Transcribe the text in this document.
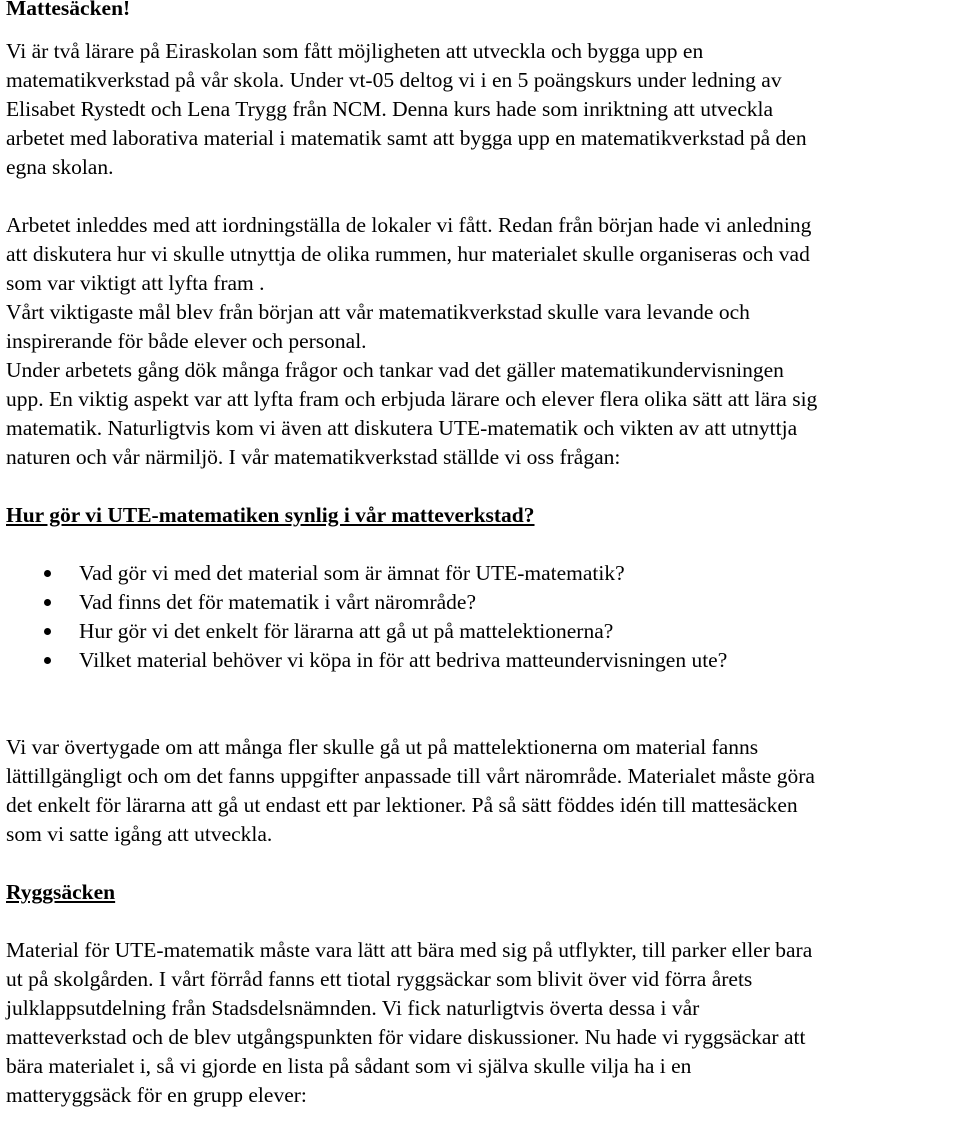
Mattesäcken!
Vi är två lärare på Eiraskolan som fått möjligheten att utveckla och bygga upp en
matematikverkstad på vår skola. Under vt-05 deltog vi i en 5 poängskurs under ledning av
Elisabet Rystedt och Lena Trygg från NCM. Denna kurs hade som inriktning att utveckla
arbetet med laborativa material i matematik samt att bygga upp en matematikverkstad på den
egna skolan.
Arbetet inleddes med att iordningställa de lokaler vi fått. Redan från början hade vi anledning
att diskutera hur vi skulle utnyttja de olika rummen, hur materialet skulle organiseras och vad
som var viktigt att lyfta fram .
Vårt viktigaste mål blev från början att vår matematikverkstad skulle vara levande och
inspirerande för både elever och personal.
Under arbetets gång dök många frågor och tankar vad det gäller matematikundervisningen
upp. En viktig aspekt var att lyfta fram och erbjuda lärare och elever flera olika sätt att lära sig
matematik. Naturligtvis kom vi även att diskutera UTE-matematik och vikten av att utnyttja
naturen och vår närmiljö. I vår matematikverkstad ställde vi oss frågan:
Hur gör vi UTE-matematiken synlig i vår matteverkstad?
Vad gör vi med det material som är ämnat för UTE-matematik?
Vad finns det för matematik i vårt närområde?
Hur gör vi det enkelt för lärarna att gå ut på mattelektionerna?
Vilket material behöver vi köpa in för att bedriva matteundervisningen ute?
Vi var övertygade om att många fler skulle gå ut på mattelektionerna om material fanns
lättillgängligt och om det fanns uppgifter anpassade till vårt närområde. Materialet måste göra
det enkelt för lärarna att gå ut endast ett par lektioner. På så sätt föddes idén till mattesäcken
som vi satte igång att utveckla.
Ryggsäcken
Material för UTE-matematik måste vara lätt att bära med sig på utflykter, till parker eller bara
ut på skolgården. I vårt förråd fanns ett tiotal ryggsäckar som blivit över vid förra årets
julklappsutdelning från Stadsdelsnämnden. Vi fick naturligtvis överta dessa i vår
matteverkstad och de blev utgångspunkten för vidare diskussioner. Nu hade vi ryggsäckar att
bära materialet i, så vi gjorde en lista på sådant som vi själva skulle vilja ha i en
matteryggsäck för en grupp elever:
